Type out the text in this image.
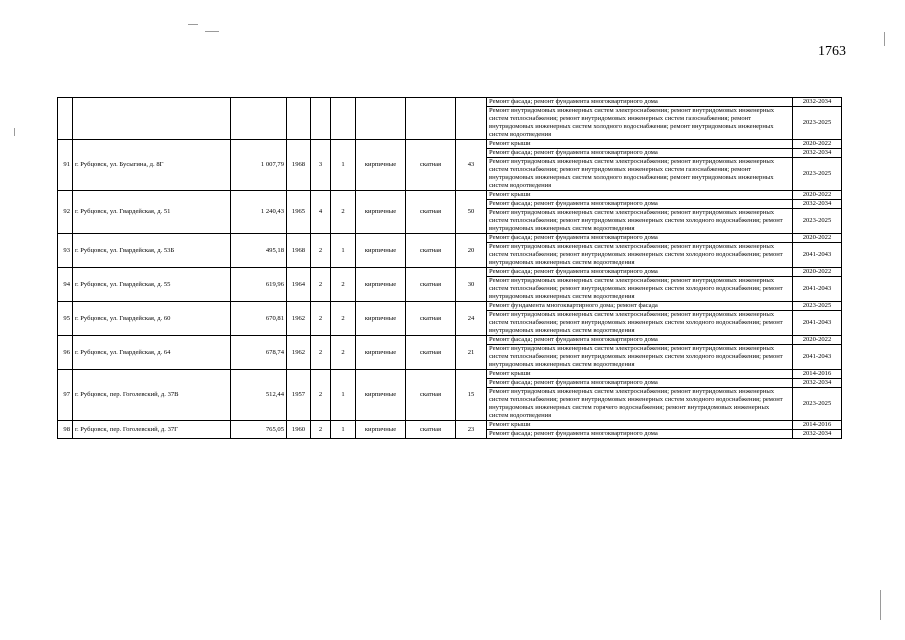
1763
									Ремонт фасада; ремонт фундамента многоквартирного дома	2032-2034
									Ремонт внутридомовых инженерных систем электроснабжения; ремонт внутридомовых инженерных систем теплоснабжения; ремонт внутридомовых инженерных систем газоснабжения; ремонт внутридомовых инженерных систем холодного водоснабжения; ремонт внутридомовых инженерных систем водоотведения	2023-2025
91	г. Рубцовск, ул. Бусыгина, д. 8Г	1 007,79	1968	3	1	кирпичные	скатная	43	Ремонт крыши	2020-2022
									Ремонт фасада; ремонт фундамента многоквартирного дома	2032-2034
									Ремонт внутридомовых инженерных систем электроснабжения; ремонт внутридомовых инженерных систем теплоснабжения; ремонт внутридомовых инженерных систем газоснабжения; ремонт внутридомовых инженерных систем холодного водоснабжения; ремонт внутридомовых инженерных систем водоотведения	2023-2025
92	г. Рубцовск, ул. Гвардейская, д. 51	1 240,43	1965	4	2	кирпичные	скатная	50	Ремонт крыши	2020-2022
									Ремонт фасада; ремонт фундамента многоквартирного дома	2032-2034
									Ремонт внутридомовых инженерных систем электроснабжения; ремонт внутридомовых инженерных систем теплоснабжения; ремонт внутридомовых инженерных систем холодного водоснабжения; ремонт внутридомовых инженерных систем водоотведения	2023-2025
93	г. Рубцовск, ул. Гвардейская, д. 53Б	495,18	1968	2	1	кирпичные	скатная	20	Ремонт фасада; ремонт фундамента многоквартирного дома	2020-2022
									Ремонт внутридомовых инженерных систем электроснабжения; ремонт внутридомовых инженерных систем теплоснабжения; ремонт внутридомовых инженерных систем холодного водоснабжения; ремонт внутридомовых инженерных систем водоотведения	2041-2043
94	г. Рубцовск, ул. Гвардейская, д. 55	619,96	1964	2	2	кирпичные	скатная	30	Ремонт фасада; ремонт фундамента многоквартирного дома	2020-2022
									Ремонт внутридомовых инженерных систем электроснабжения; ремонт внутридомовых инженерных систем теплоснабжения; ремонт внутридомовых инженерных систем холодного водоснабжения; ремонт внутридомовых инженерных систем водоотведения	2041-2043
95	г. Рубцовск, ул. Гвардейская, д. 60	670,81	1962	2	2	кирпичные	скатная	24	Ремонт фундамента многоквартирного дома; ремонт фасада	2023-2025
									Ремонт внутридомовых инженерных систем электроснабжения; ремонт внутридомовых инженерных систем теплоснабжения; ремонт внутридомовых инженерных систем холодного водоснабжения; ремонт внутридомовых инженерных систем водоотведения	2041-2043
96	г. Рубцовск, ул. Гвардейская, д. 64	678,74	1962	2	2	кирпичные	скатная	21	Ремонт фасада; ремонт фундамента многоквартирного дома	2020-2022
									Ремонт внутридомовых инженерных систем электроснабжения; ремонт внутридомовых инженерных систем теплоснабжения; ремонт внутридомовых инженерных систем холодного водоснабжения; ремонт внутридомовых инженерных систем водоотведения	2041-2043
97	г. Рубцовск, пер. Гоголевский, д. 37В	512,44	1957	2	1	кирпичные	скатная	15	Ремонт крыши	2014-2016
									Ремонт фасада; ремонт фундамента многоквартирного дома	2032-2034
									Ремонт внутридомовых инженерных систем электроснабжения; ремонт внутридомовых инженерных систем теплоснабжения; ремонт внутридомовых инженерных систем холодного водоснабжения; ремонт внутридомовых инженерных систем горячего водоснабжения; ремонт внутридомовых инженерных систем водоотведения	2023-2025
98	г. Рубцовск, пер. Гоголевский, д. 37Г	765,05	1960	2	1	кирпичные	скатная	23	Ремонт крыши	2014-2016
									Ремонт фасада; ремонт фундамента многоквартирного дома	2032-2034
